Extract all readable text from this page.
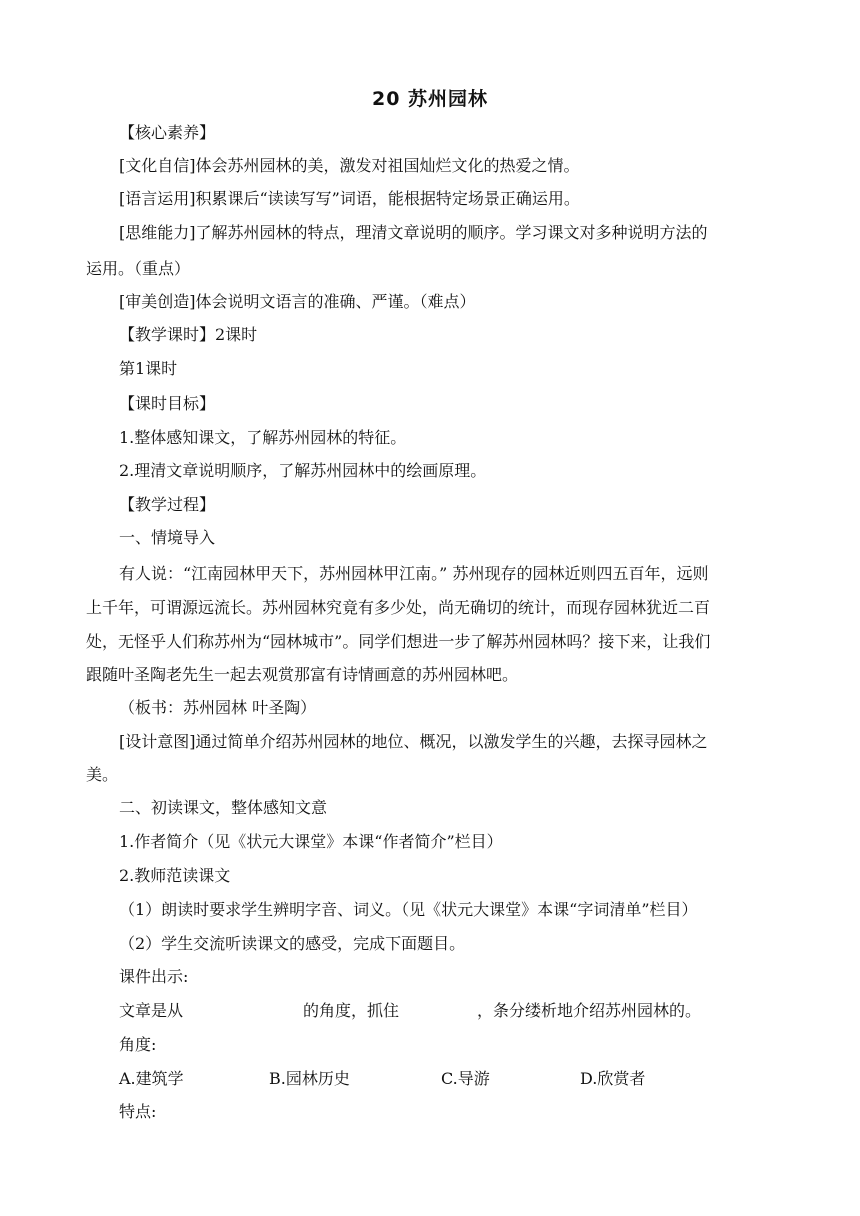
20 苏州园林
【核心素养】
[文化自信]体会苏州园林的美，激发对祖国灿烂文化的热爱之情。
[语言运用]积累课后“读读写写”词语，能根据特定场景正确运用。
[思维能力]了解苏州园林的特点，理清文章说明的顺序。学习课文对多种说明方法的
运用。（重点）
[审美创造]体会说明文语言的准确、严谨。（难点）
【教学课时】2课时
第1课时
【课时目标】
1.整体感知课文，了解苏州园林的特征。
2.理清文章说明顺序，了解苏州园林中的绘画原理。
【教学过程】
一、情境导入
有人说：“江南园林甲天下，苏州园林甲江南。” 苏州现存的园林近则四五百年，远则
上千年，可谓源远流长。苏州园林究竟有多少处，尚无确切的统计，而现存园林犹近二百
处，无怪乎人们称苏州为“园林城市”。同学们想进一步了解苏州园林吗？接下来，让我们
跟随叶圣陶老先生一起去观赏那富有诗情画意的苏州园林吧。
（板书：苏州园林 叶圣陶）
[设计意图]通过简单介绍苏州园林的地位、概况，以激发学生的兴趣，去探寻园林之
美。
二、初读课文，整体感知文意
1.作者简介（见《状元大课堂》本课“作者简介”栏目）
2.教师范读课文
（1）朗读时要求学生辨明字音、词义。（见《状元大课堂》本课“字词清单”栏目）
（2）学生交流听读课文的感受，完成下面题目。
课件出示:
文章是从	的角度，抓住	，条分缕析地介绍苏州园林的。
角度:
A.建筑学	B.园林历史	C.导游	D.欣赏者
特点:
